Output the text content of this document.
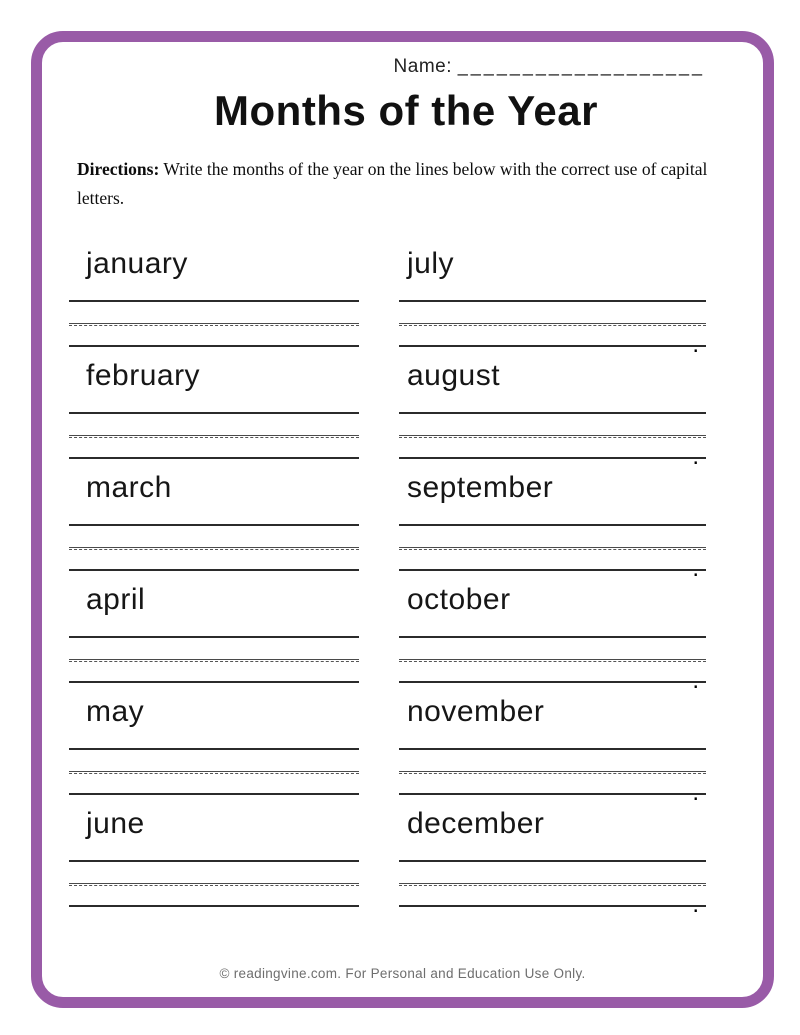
Name: ___________________
Months of the Year

Directions: Write the months of the year on the lines below with the correct use of capital letters.

january
february
march
april
may
june
july
.
august
.
september
.
october
.
november
.
december
.
© readingvine.com. For Personal and Education Use Only.
